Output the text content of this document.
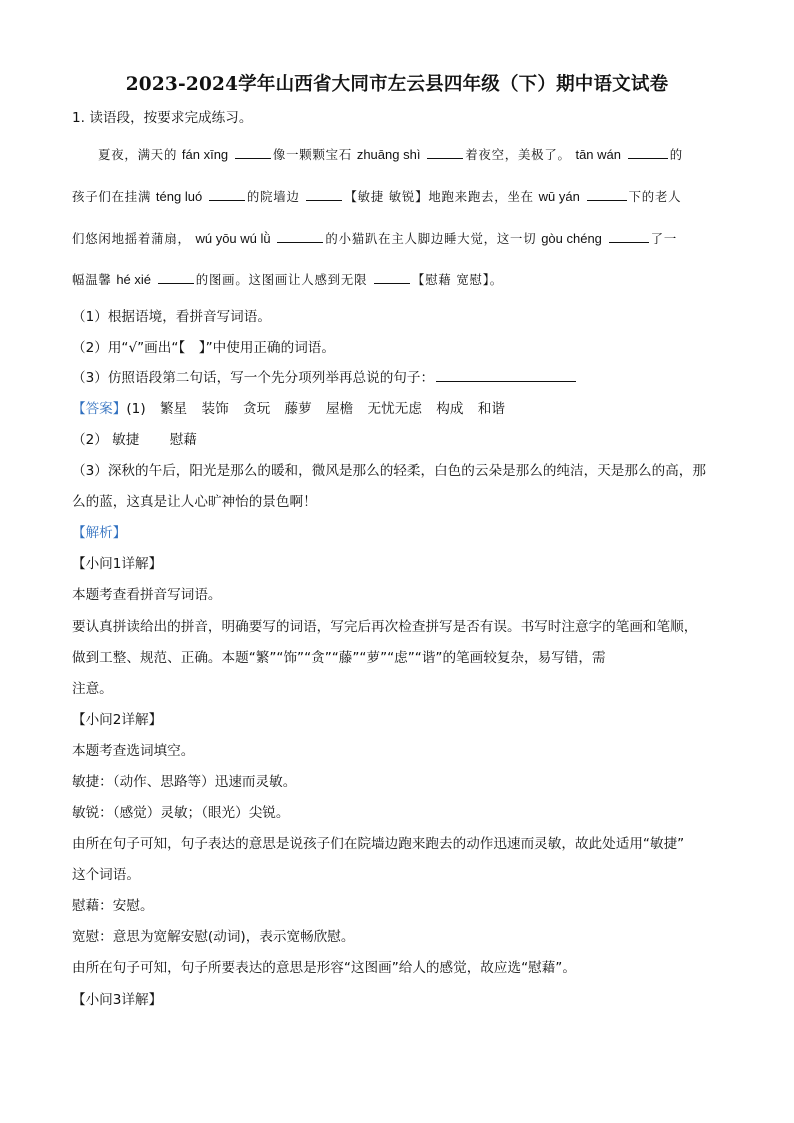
2023-2024学年山西省大同市左云县四年级（下）期中语文试卷
1. 读语段，按要求完成练习。
夏夜，满天的 fán xīng	像一颗颗宝石 zhuāng shì	着夜空，美极了。 tān wán	的
孩子们在挂满 téng luó	的院墙边	【敏捷 敏锐】地跑来跑去，坐在 wū yán	下的老人
们悠闲地摇着蒲扇， wú yōu wú lǜ	的小猫趴在主人脚边睡大觉，这一切 gòu chéng	了一
幅温馨 hé xié	的图画。这图画让人感到无限	【慰藉 宽慰】。
（1）根据语境，看拼音写词语。
（2）用“√”画出“【　】”中使用正确的词语。
（3）仿照语段第二句话，写一个先分项列举再总说的句子：
【答案】(1) 繁星 装饰 贪玩 藤萝 屋檐 无忧无虑 构成 和谐
（2） 敏捷 慰藉
（3）深秋的午后，阳光是那么的暖和，微风是那么的轻柔，白色的云朵是那么的纯洁，天是那么的高，那
么的蓝，这真是让人心旷神怡的景色啊！
【解析】
【小问1详解】
本题考查看拼音写词语。
要认真拼读给出的拼音，明确要写的词语，写完后再次检查拼写是否有误。书写时注意字的笔画和笔顺，
做到工整、规范、正确。本题“繁”“饰”“贪”“藤”“萝”“虑”“谐”的笔画较复杂，易写错，需
注意。
【小问2详解】
本题考查选词填空。
敏捷：（动作、思路等）迅速而灵敏。
敏锐：（感觉）灵敏；（眼光）尖锐。
由所在句子可知，句子表达的意思是说孩子们在院墙边跑来跑去的动作迅速而灵敏，故此处适用“敏捷”
这个词语。
慰藉：安慰。
宽慰：意思为宽解安慰(动词)，表示宽畅欣慰。
由所在句子可知，句子所要表达的意思是形容“这图画”给人的感觉，故应选“慰藉”。
【小问3详解】
